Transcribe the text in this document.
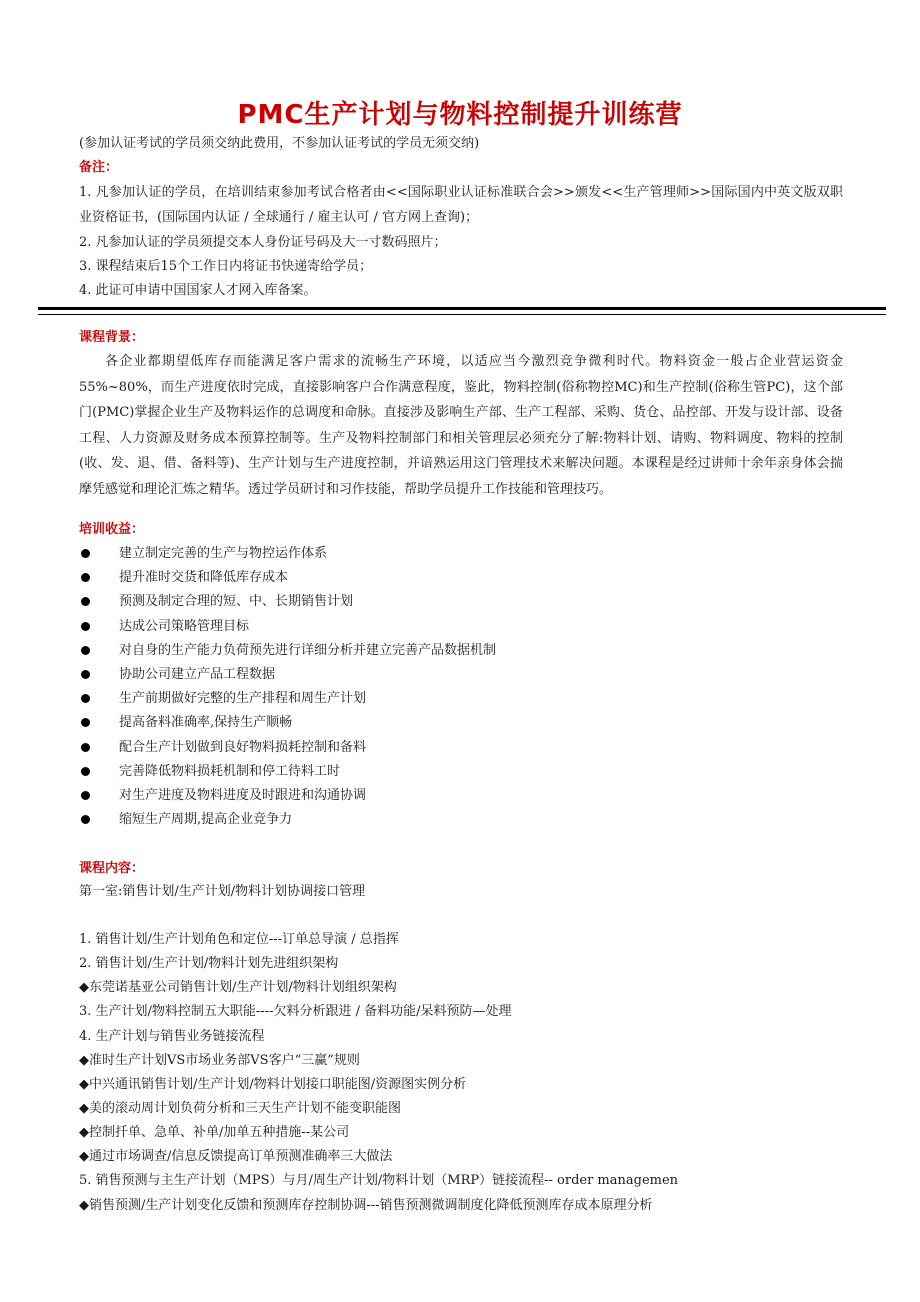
PMC生产计划与物料控制提升训练营
(参加认证考试的学员须交纳此费用，不参加认证考试的学员无须交纳)
备注：

1. 凡参加认证的学员，在培训结束参加考试合格者由<<国际职业认证标准联合会>>颁发<<生产管理师>>国际国内中英文版双职业资格证书，(国际国内认证 / 全球通行 / 雇主认可 / 官方网上查询)；

2. 凡参加认证的学员须提交本人身份证号码及大一寸数码照片；
3. 课程结束后15个工作日内将证书快递寄给学员；
4. 此证可申请中国国家人才网入库备案。
课程背景：

各企业都期望低库存而能满足客户需求的流畅生产环境，以适应当今激烈竞争微利时代。物料资金一般占企业营运资金55%~80%，而生产进度依时完成，直接影响客户合作满意程度，鉴此，物料控制(俗称物控MC)和生产控制(俗称生管PC)，这个部门(PMC)掌握企业生产及物料运作的总调度和命脉。直接涉及影响生产部、生产工程部、采购、货仓、品控部、开发与设计部、设备工程、人力资源及财务成本预算控制等。生产及物料控制部门和相关管理层必须充分了解:物料计划、请购、物料调度、物料的控制(收、发、退、借、备料等)、生产计划与生产进度控制，并谙熟运用这门管理技术来解决问题。本课程是经过讲师十余年亲身体会揣摩凭感觉和理论汇炼之精华。透过学员研讨和习作技能，帮助学员提升工作技能和管理技巧。

培训收益：
建立制定完善的生产与物控运作体系
提升准时交货和降低库存成本
预测及制定合理的短、中、长期销售计划
达成公司策略管理目标
对自身的生产能力负荷预先进行详细分析并建立完善产品数据机制
协助公司建立产品工程数据
生产前期做好完整的生产排程和周生产计划
提高备料准确率,保持生产顺畅
配合生产计划做到良好物料损耗控制和备料
完善降低物料损耗机制和停工待料工时
对生产进度及物料进度及时跟进和沟通协调
缩短生产周期,提高企业竞争力
课程内容：
第一室:销售计划/生产计划/物料计划协调接口管理
1. 销售计划/生产计划角色和定位---订单总导演 / 总指挥
2. 销售计划/生产计划/物料计划先进组织架构
◆东莞诺基亚公司销售计划/生产计划/物料计划组织架构
3. 生产计划/物料控制五大职能----欠料分析跟进 / 备料功能/呆料预防—处理
4. 生产计划与销售业务链接流程
◆准时生产计划VS市场业务部VS客户“三赢”规则
◆中兴通讯销售计划/生产计划/物料计划接口职能图/资源图实例分析
◆美的滚动周计划负荷分析和三天生产计划不能变职能图
◆控制扦单、急单、补单/加单五种措施--某公司
◆通过市场调查/信息反馈提高订单预测准确率三大做法
5. 销售预测与主生产计划（MPS）与月/周生产计划/物料计划（MRP）链接流程-- order managemen
◆销售预测/生产计划变化反馈和预测库存控制协调---销售预测微调制度化降低预测库存成本原理分析
